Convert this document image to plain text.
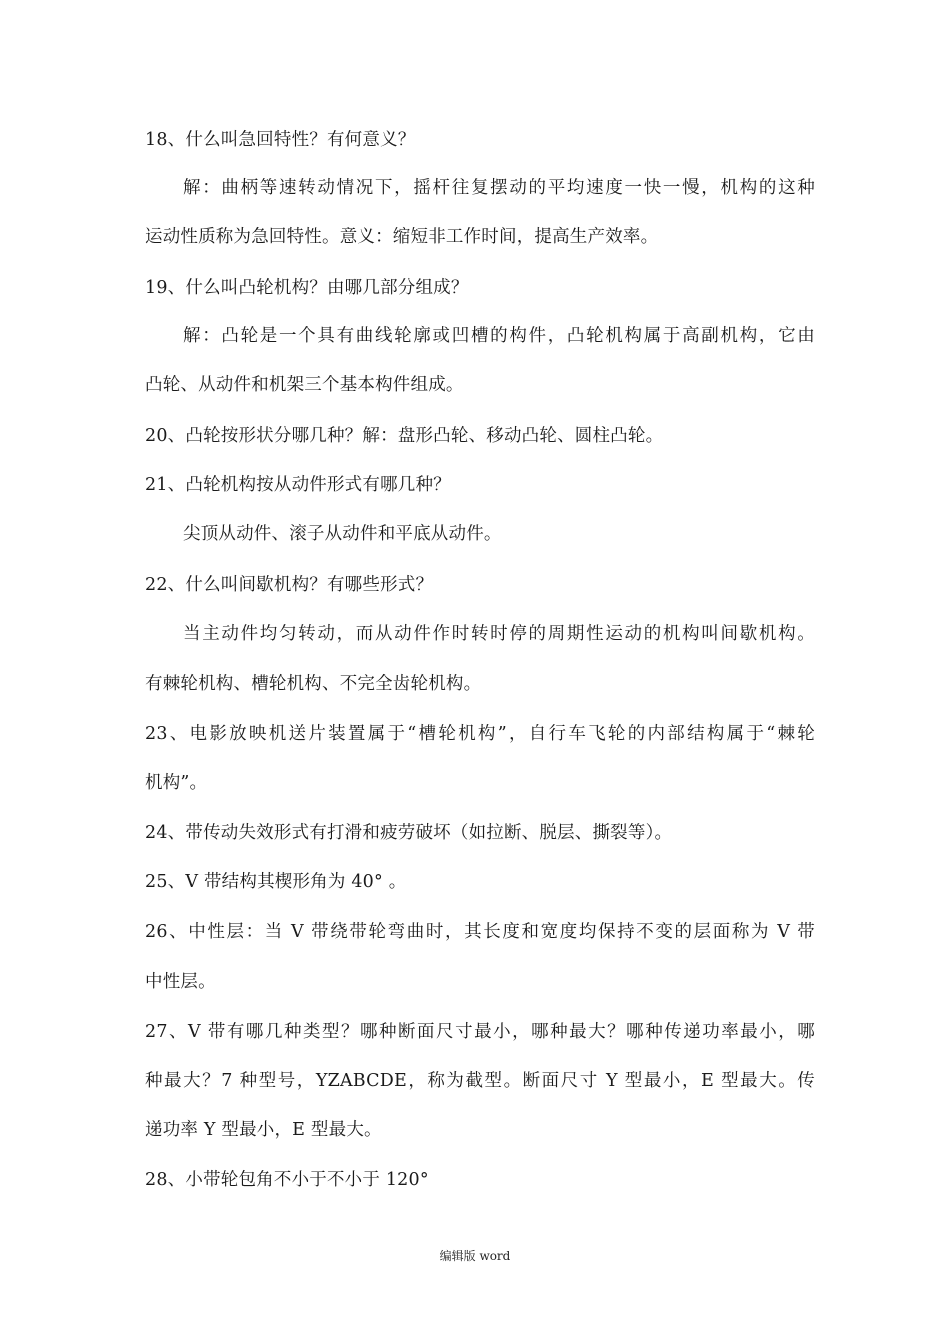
18、什么叫急回特性？有何意义？
解：曲柄等速转动情况下，摇杆往复摆动的平均速度一快一慢，机构的这种
运动性质称为急回特性。意义：缩短非工作时间，提高生产效率。
19、什么叫凸轮机构？由哪几部分组成？
解：凸轮是一个具有曲线轮廓或凹槽的构件，凸轮机构属于高副机构，它由
凸轮、从动件和机架三个基本构件组成。
20、凸轮按形状分哪几种？解：盘形凸轮、移动凸轮、圆柱凸轮。
21、凸轮机构按从动件形式有哪几种？
尖顶从动件、滚子从动件和平底从动件。
22、什么叫间歇机构？有哪些形式？
当主动件均匀转动，而从动件作时转时停的周期性运动的机构叫间歇机构。
有棘轮机构、槽轮机构、不完全齿轮机构。
23、电影放映机送片装置属于“槽轮机构”，自行车飞轮的内部结构属于“棘轮
机构”。
24、带传动失效形式有打滑和疲劳破坏（如拉断、脱层、撕裂等）。
25、V 带结构其楔形角为 40° 。
26、中性层：当 V 带绕带轮弯曲时，其长度和宽度均保持不变的层面称为 V 带
中性层。
27、V 带有哪几种类型？哪种断面尺寸最小，哪种最大？哪种传递功率最小，哪
种最大？7 种型号，YZABCDE，称为截型。断面尺寸 Y 型最小，E 型最大。传
递功率 Y 型最小，E 型最大。
28、小带轮包角不小于不小于 120°
编辑版 word
